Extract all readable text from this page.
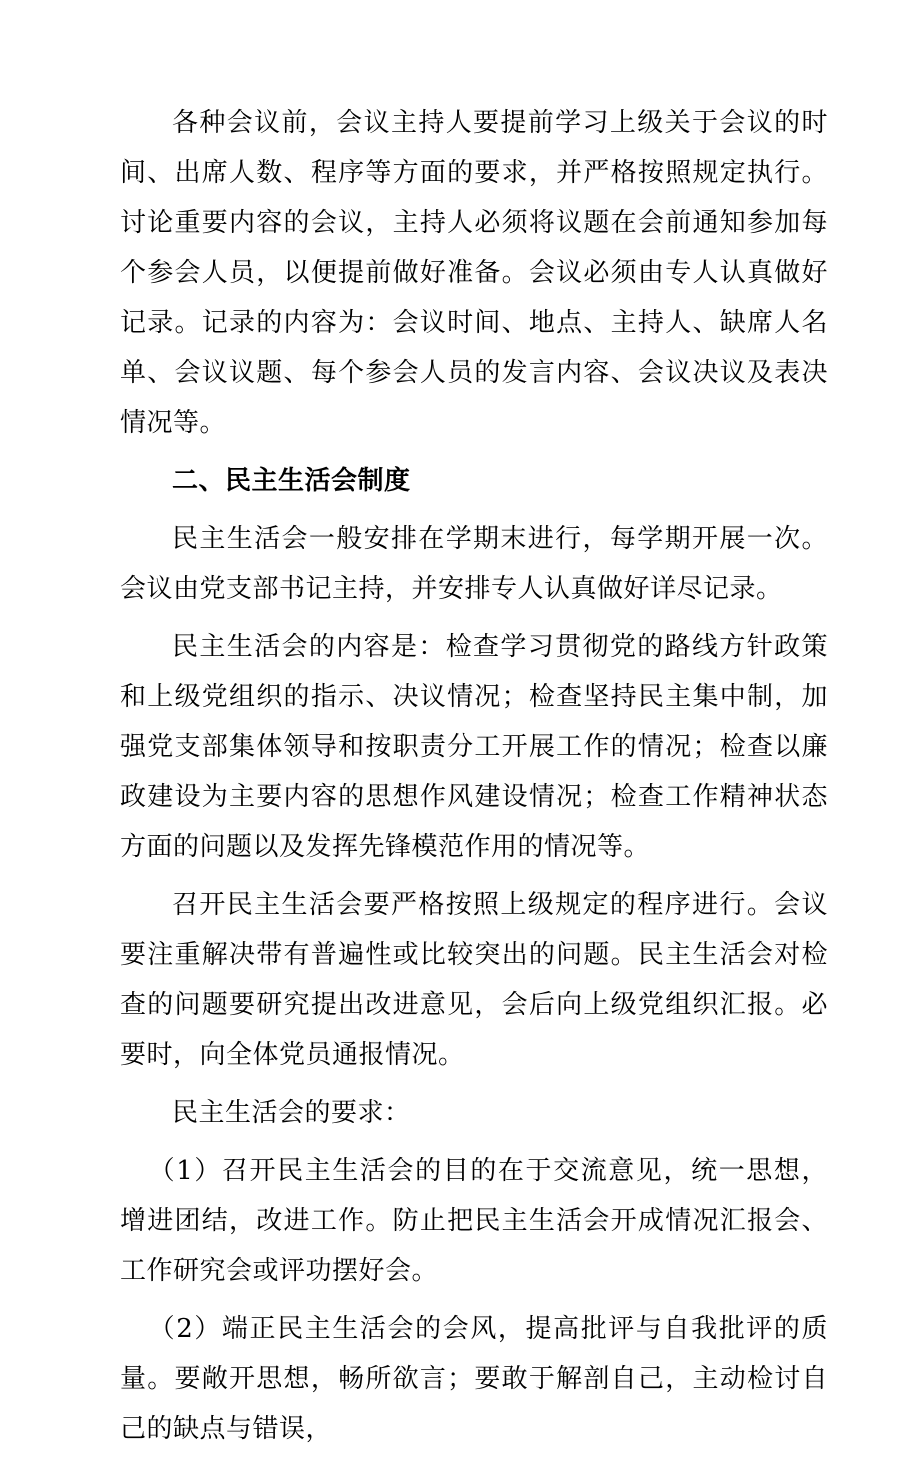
各种会议前，会议主持人要提前学习上级关于会议的时间、出席人数、程序等方面的要求，并严格按照规定执行。讨论重要内容的会议，主持人必须将议题在会前通知参加每个参会人员，以便提前做好准备。会议必须由专人认真做好记录。记录的内容为：会议时间、地点、主持人、缺席人名单、会议议题、每个参会人员的发言内容、会议决议及表决情况等。

二、民主生活会制度

民主生活会一般安排在学期末进行，每学期开展一次。会议由党支部书记主持，并安排专人认真做好详尽记录。

民主生活会的内容是：检查学习贯彻党的路线方针政策和上级党组织的指示、决议情况；检查坚持民主集中制，加强党支部集体领导和按职责分工开展工作的情况；检查以廉政建设为主要内容的思想作风建设情况；检查工作精神状态方面的问题以及发挥先锋模范作用的情况等。

召开民主生活会要严格按照上级规定的程序进行。会议要注重解决带有普遍性或比较突出的问题。民主生活会对检查的问题要研究提出改进意见，会后向上级党组织汇报。必要时，向全体党员通报情况。

民主生活会的要求：

（1）召开民主生活会的目的在于交流意见，统一思想，增进团结，改进工作。防止把民主生活会开成情况汇报会、工作研究会或评功摆好会。

（2）端正民主生活会的会风，提高批评与自我批评的质量。要敞开思想，畅所欲言；要敢于解剖自己，主动检讨自己的缺点与错误，
